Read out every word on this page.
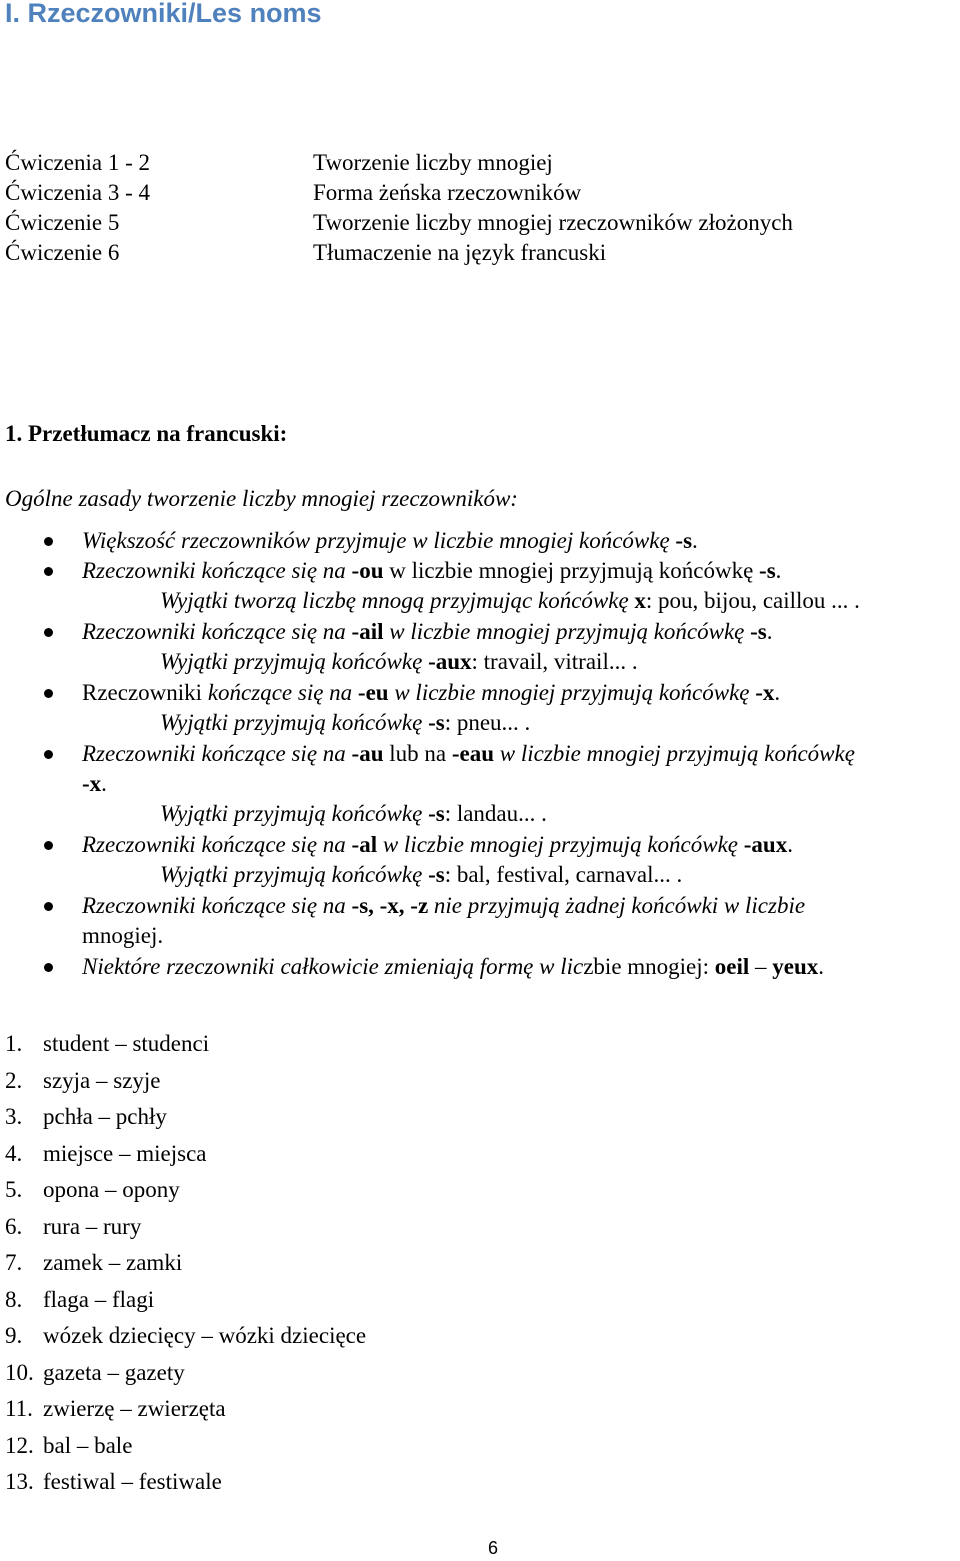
I. Rzeczowniki/Les noms
Ćwiczenia 1 - 2	Tworzenie liczby mnogiej
Ćwiczenia 3 - 4	Forma żeńska rzeczowników
Ćwiczenie 5	Tworzenie liczby mnogiej rzeczowników złożonych
Ćwiczenie 6	Tłumaczenie na język francuski
1. Przetłumacz na francuski:
Ogólne zasady tworzenie liczby mnogiej rzeczowników:
Większość rzeczowników przyjmuje w liczbie mnogiej końcówkę -s.
Rzeczowniki kończące się na -ou w liczbie mnogiej przyjmują końcówkę -s.
Wyjątki tworzą liczbę mnogą przyjmując końcówkę x: pou, bijou, caillou ... .
Rzeczowniki kończące się na -ail w liczbie mnogiej przyjmują końcówkę -s.
Wyjątki przyjmują końcówkę -aux: travail, vitrail... .
Rzeczowniki kończące się na -eu w liczbie mnogiej przyjmują końcówkę -x.
Wyjątki przyjmują końcówkę -s: pneu... .
Rzeczowniki kończące się na -au lub na -eau w liczbie mnogiej przyjmują końcówkę
-x.
Wyjątki przyjmują końcówkę -s: landau... .
Rzeczowniki kończące się na -al w liczbie mnogiej przyjmują końcówkę -aux.
Wyjątki przyjmują końcówkę -s: bal, festival, carnaval... .
Rzeczowniki kończące się na -s, -x, -z nie przyjmują żadnej końcówki w liczbie
mnogiej.
Niektóre rzeczowniki całkowicie zmieniają formę w liczbie mnogiej: oeil – yeux.
1. student – studenci
2. szyja – szyje
3. pchła – pchły
4. miejsce – miejsca
5. opona – opony
6. rura – rury
7. zamek – zamki
8. flaga – flagi
9. wózek dziecięcy – wózki dziecięce
10. gazeta – gazety
11. zwierzę – zwierzęta
12. bal – bale
13. festiwal – festiwale
6
